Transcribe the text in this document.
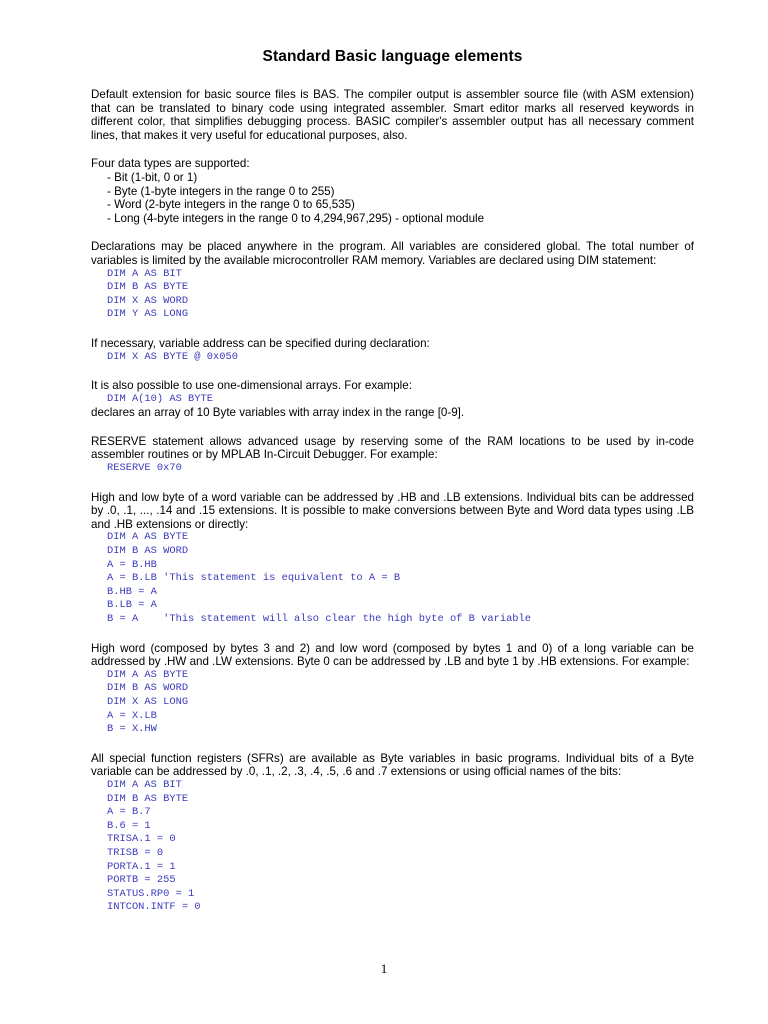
Standard Basic language elements

Default extension for basic source files is BAS. The compiler output is assembler source file (with ASM extension) that can be translated to binary code using integrated assembler. Smart editor marks all reserved keywords in different color, that simplifies debugging process. BASIC compiler's assembler output has all necessary comment lines, that makes it very useful for educational purposes, also.

Four data types are supported:

- Bit (1-bit, 0 or 1)
- Byte (1-byte integers in the range 0 to 255)
- Word (2-byte integers in the range 0 to 65,535)
- Long (4-byte integers in the range 0 to 4,294,967,295) - optional module

Declarations may be placed anywhere in the program. All variables are considered global. The total number of variables is limited by the available microcontroller RAM memory. Variables are declared using DIM statement:

DIM A AS BIT
DIM B AS BYTE
DIM X AS WORD
DIM Y AS LONG

If necessary, variable address can be specified during declaration:

DIM X AS BYTE @ 0x050

It is also possible to use one-dimensional arrays. For example:

DIM A(10) AS BYTE

declares an array of 10 Byte variables with array index in the range [0-9].

RESERVE statement allows advanced usage by reserving some of the RAM locations to be used by in-code assembler routines or by MPLAB In-Circuit Debugger. For example:

RESERVE 0x70

High and low byte of a word variable can be addressed by .HB and .LB extensions. Individual bits can be addressed by .0, .1, ..., .14 and .15 extensions. It is possible to make conversions between Byte and Word data types using .LB and .HB extensions or directly:

DIM A AS BYTE
DIM B AS WORD
A = B.HB
A = B.LB 'This statement is equivalent to A = B
B.HB = A
B.LB = A
B = A    'This statement will also clear the high byte of B variable

High word (composed by bytes 3 and 2) and low word (composed by bytes 1 and 0) of a long variable can be addressed by .HW and .LW extensions. Byte 0 can be addressed by .LB and byte 1 by .HB extensions. For example:

DIM A AS BYTE
DIM B AS WORD
DIM X AS LONG
A = X.LB
B = X.HW

All special function registers (SFRs) are available as Byte variables in basic programs. Individual bits of a Byte variable can be addressed by .0, .1, .2, .3, .4, .5, .6 and .7 extensions or using official names of the bits:

DIM A AS BIT
DIM B AS BYTE
A = B.7
B.6 = 1
TRISA.1 = 0
TRISB = 0
PORTA.1 = 1
PORTB = 255
STATUS.RP0 = 1
INTCON.INTF = 0
1
